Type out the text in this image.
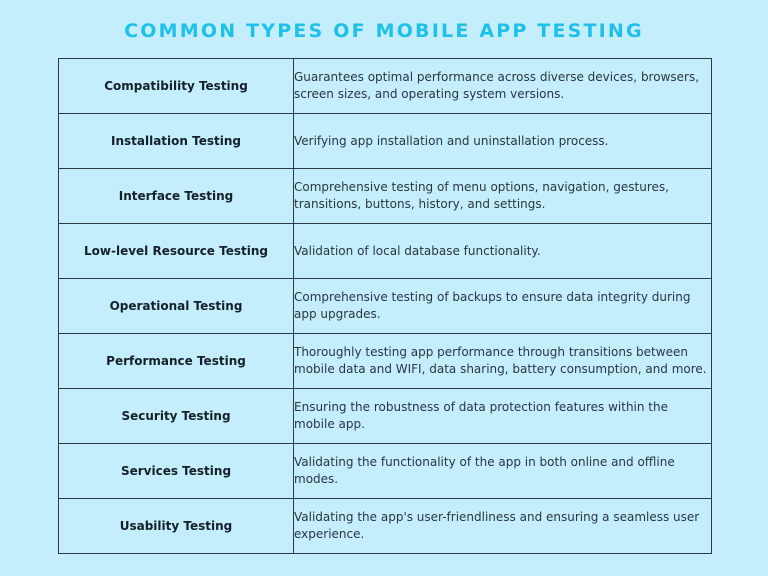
COMMON TYPES OF MOBILE APP TESTING
Compatibility Testing	Guarantees optimal performance across diverse devices, browsers, screen sizes, and operating system versions.
Installation Testing	Verifying app installation and uninstallation process.
Interface Testing	Comprehensive testing of menu options, navigation, gestures, transitions, buttons, history, and settings.
Low-level Resource Testing	Validation of local database functionality.
Operational Testing	Comprehensive testing of backups to ensure data integrity during app upgrades.
Performance Testing	Thoroughly testing app performance through transitions between mobile data and WIFI, data sharing, battery consumption, and more.
Security Testing	Ensuring the robustness of data protection features within the mobile app.
Services Testing	Validating the functionality of the app in both online and offline modes.
Usability Testing	Validating the app's user-friendliness and ensuring a seamless user experience.
